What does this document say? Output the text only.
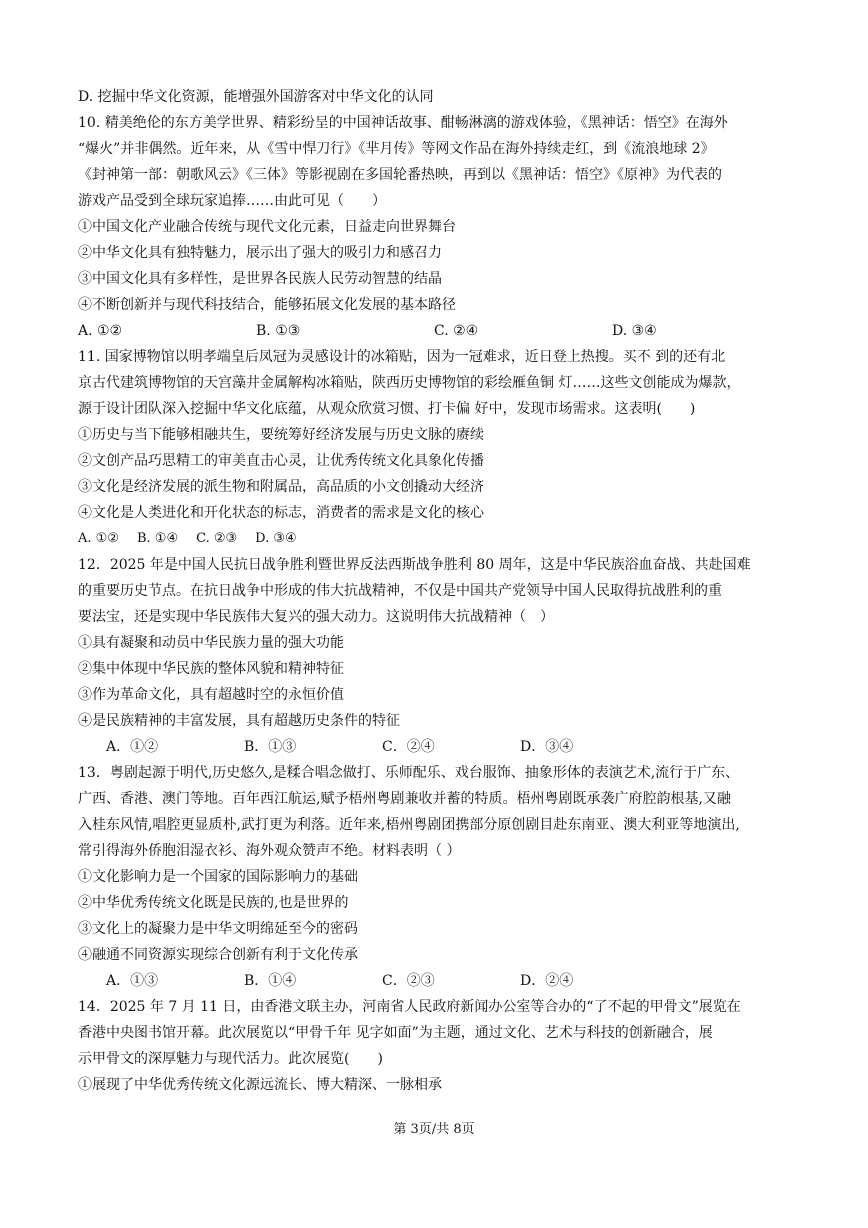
D. 挖掘中华文化资源，能增强外国游客对中华文化的认同
10. 精美绝伦的东方美学世界、精彩纷呈的中国神话故事、酣畅淋漓的游戏体验，《黑神话：悟空》在海外
“爆火”并非偶然。近年来，从《雪中悍刀行》《芈月传》等网文作品在海外持续走红，到《流浪地球 2》
《封神第一部：朝歌风云》《三体》等影视剧在多国轮番热映，再到以《黑神话：悟空》《原神》为代表的
游戏产品受到全球玩家追捧……由此可见（　　）
①中国文化产业融合传统与现代文化元素，日益走向世界舞台
②中华文化具有独特魅力，展示出了强大的吸引力和感召力
③中国文化具有多样性，是世界各民族人民劳动智慧的结晶
④不断创新并与现代科技结合，能够拓展文化发展的基本路径
A. ①②	B. ①③	C. ②④	D. ③④
11. 国家博物馆以明孝端皇后凤冠为灵感设计的冰箱贴，因为一冠难求，近日登上热搜。买不 到的还有北
京古代建筑博物馆的天宫藻井金属解构冰箱贴，陕西历史博物馆的彩绘雁鱼铜 灯……这些文创能成为爆款，
源于设计团队深入挖掘中华文化底蕴，从观众欣赏习惯、打卡偏 好中，发现市场需求。这表明(　　)
①历史与当下能够相融共生，要统筹好经济发展与历史文脉的赓续
②文创产品巧思精工的审美直击心灵，让优秀传统文化具象化传播
③文化是经济发展的派生物和附属品，高品质的小文创撬动大经济
④文化是人类进化和开化状态的标志，消费者的需求是文化的核心
A. ①② B. ①④ C. ②③ D. ③④
12．2025 年是中国人民抗日战争胜利暨世界反法西斯战争胜利 80 周年，这是中华民族浴血奋战、共赴国难
的重要历史节点。在抗日战争中形成的伟大抗战精神，不仅是中国共产党领导中国人民取得抗战胜利的重
要法宝，还是实现中华民族伟大复兴的强大动力。这说明伟大抗战精神（　）
①具有凝聚和动员中华民族力量的强大功能
②集中体现中华民族的整体风貌和精神特征
③作为革命文化，具有超越时空的永恒价值
④是民族精神的丰富发展，具有超越历史条件的特征
A．①②	B．①③	C．②④	D．③④
13．粤剧起源于明代,历史悠久,是糅合唱念做打、乐师配乐、戏台服饰、抽象形体的表演艺术,流行于广东、
广西、香港、澳门等地。百年西江航运,赋予梧州粤剧兼收并蓄的特质。梧州粤剧既承袭广府腔韵根基,又融
入桂东风情,唱腔更显质朴,武打更为利落。近年来,梧州粤剧团携部分原创剧目赴东南亚、澳大利亚等地演出,
常引得海外侨胞泪湿衣衫、海外观众赞声不绝。材料表明（ ）
①文化影响力是一个国家的国际影响力的基础
②中华优秀传统文化既是民族的,也是世界的
③文化上的凝聚力是中华文明绵延至今的密码
④融通不同资源实现综合创新有利于文化传承
A．①③	B．①④	C．②③	D．②④
14．2025 年 7 月 11 日，由香港文联主办，河南省人民政府新闻办公室等合办的“了不起的甲骨文”展览在
香港中央图书馆开幕。此次展览以“甲骨千年 见字如面”为主题，通过文化、艺术与科技的创新融合，展
示甲骨文的深厚魅力与现代活力。此次展览(　　)
①展现了中华优秀传统文化源远流长、博大精深、一脉相承
第 3页/共 8页
